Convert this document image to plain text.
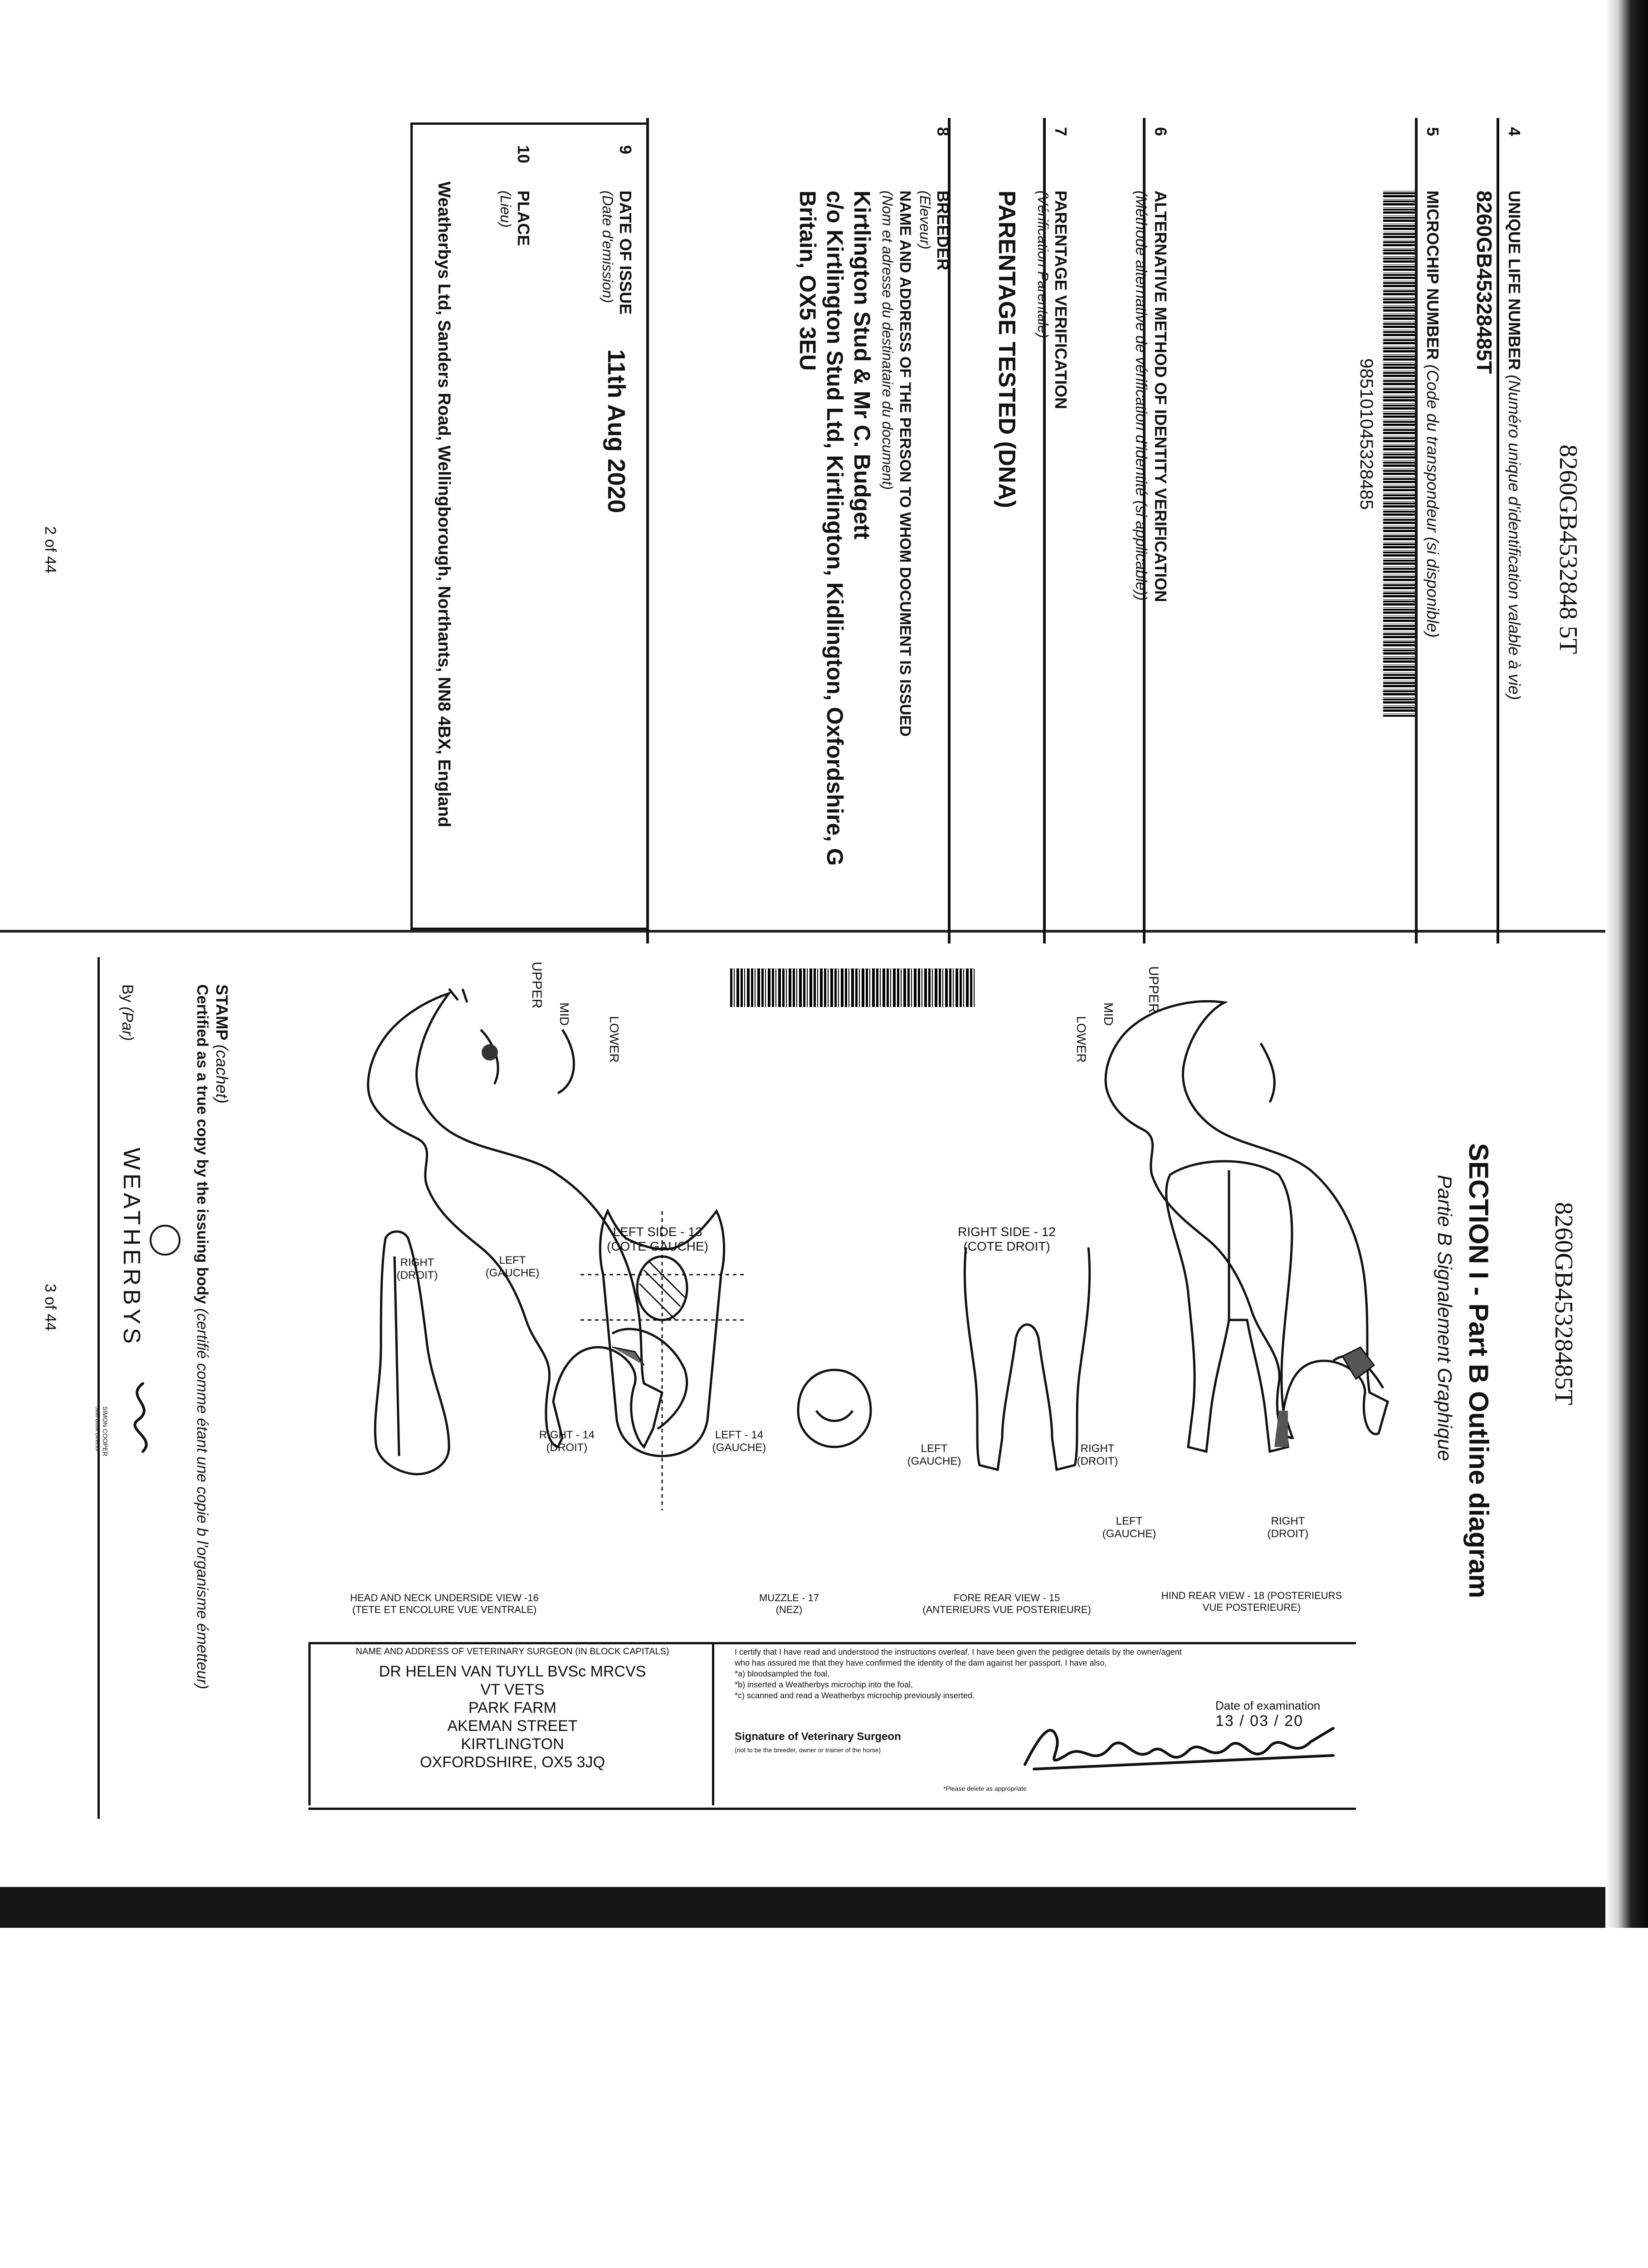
8260GB4532848 5T
4
UNIQUE LIFE NUMBER (Numéro unique d'identification valable à vie)
8260GB45328485T
5
MICROCHIP NUMBER (Code du transpondeur (si disponible)
985101045328485
6
ALTERNATIVE METHOD OF IDENTITY VERIFICATION
(Méthode alternative de vérification d'identité (si applicable))
7
PARENTAGE VERIFICATION
(Vérification Parentale)
PARENTAGE TESTED (DNA)
8
BREEDER
(Eleveur)
NAME AND ADDRESS OF THE PERSON TO WHOM DOCUMENT IS ISSUED
(Nom et adresse du destinataire du document)
Kirtlington Stud & Mr C. Budgett
c/o Kirtlington Stud Ltd, Kirtlington, Kidlington, Oxfordshire, G
Britain, OX5 3EU
9
DATE OF ISSUE
(Date d'emission)
11th Aug 2020
10
PLACE
(Lieu)
Weatherbys Ltd, Sanders Road, Wellingborough, Northants, NN8 4BX, England
2 of 44
8260GB45328485T
SECTION I - Part B Outline diagram
Partie B Signalement Graphique
UPPER
MID
LOWER
UPPER
MID
LOWER
LEFT SIDE - 13
(COTE GAUCHE)
RIGHT SIDE - 12
(COTE DROIT)
RIGHT
(DROIT)
LEFT
(GAUCHE)
RIGHT - 14
(DROIT)
LEFT - 14
(GAUCHE)	LEFT
(GAUCHE)
RIGHT
(DROIT)
LEFT
(GAUCHE)
RIGHT
(DROIT)
HEAD AND NECK UNDERSIDE VIEW -16
(TETE ET ENCOLURE VUE VENTRALE)
MUZZLE - 17
(NEZ)
FORE REAR VIEW - 15
(ANTERIEURS VUE POSTERIEURE)
HIND REAR VIEW - 18 (POSTERIEURS
VUE POSTERIEURE)
NAME AND ADDRESS OF VETERINARY SURGEON (IN BLOCK CAPITALS)
DR HELEN VAN TUYLL BVSc MRCVS
VT VETS
PARK FARM
AKEMAN STREET
KIRTLINGTON
OXFORDSHIRE, OX5 3JQ
I certify that I have read and understood the instructions overleaf. I have been given the pedigree details by the owner/agent
who has assured me that they have confirmed the identity of the dam against her passport. I have also,
*a) bloodsampled the foal,
*b) inserted a Weatherbys microchip into the foal,
*c) scanned and read a Weatherbys microchip previously inserted.
Date of examination
13 / 03 / 20
Signature of Veterinary Surgeon
(not to be the breeder, owner or trainer of the horse)
*Please delete as appropriate
STAMP (cachet)
Certified as a true copy by the issuing body (certifié comme étant une copie b l'organisme émetteur)
By (Par)
WEATHERBYS
SIMON COOPER
Stud Book Director
3 of 44
